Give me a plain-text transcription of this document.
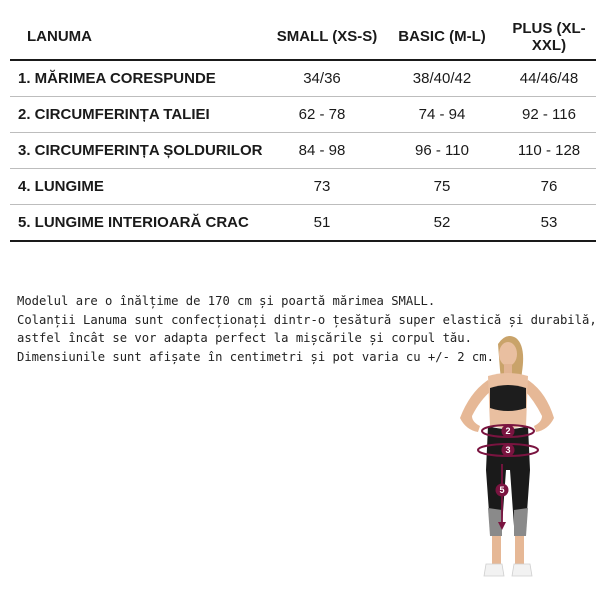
LANUMA	SMALL (XS-S)	BASIC (M-L)	PLUS (XL-XXL)
1. MĂRIMEA CORESPUNDE	34/36	38/40/42	44/46/48
2. CIRCUMFERINȚA TALIEI	62 - 78	74 - 94	92 - 116
3. CIRCUMFERINȚA ȘOLDURILOR	84 - 98	96 - 110	110 - 128
4. LUNGIME	73	75	76
5. LUNGIME INTERIOARĂ CRAC	51	52	53

Modelul are o înălțime de 170 cm și poartă mărimea SMALL.

Colanții Lanuma sunt confecționați dintr-o țesătură super elastică și durabilă,

astfel încât se vor adapta perfect la mișcările și corpul tău.

Dimensiunile sunt afișate în centimetri și pot varia cu +/- 2 cm.

2
3
5
